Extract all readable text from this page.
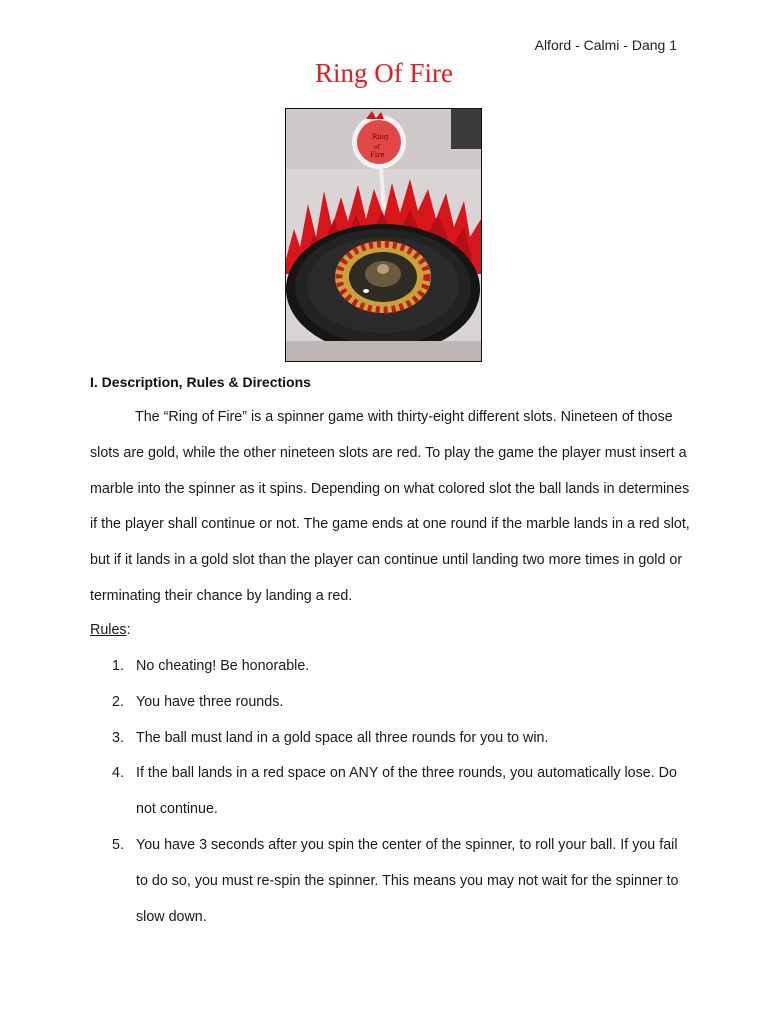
Alford - Calmi - Dang 1
Ring Of Fire
Ring
of
Fire
I. Description, Rules & Directions

The “Ring of Fire” is a spinner game with thirty-eight different slots. Nineteen of those slots are gold, while the other nineteen slots are red. To play the game the player must insert a marble into the spinner as it spins. Depending on what colored slot the ball lands in determines if the player shall continue or not. The game ends at one round if the marble lands in a red slot, but if it lands in a gold slot than the player can continue until landing two more times in gold or terminating their chance by landing a red.

Rules:
1. No cheating! Be honorable.
2. You have three rounds.
3. The ball must land in a gold space all three rounds for you to win.
4. If the ball lands in a red space on ANY of the three rounds, you automatically lose. Do not continue.
5. You have 3 seconds after you spin the center of the spinner, to roll your ball. If you fail to do so, you must re-spin the spinner. This means you may not wait for the spinner to slow down.
